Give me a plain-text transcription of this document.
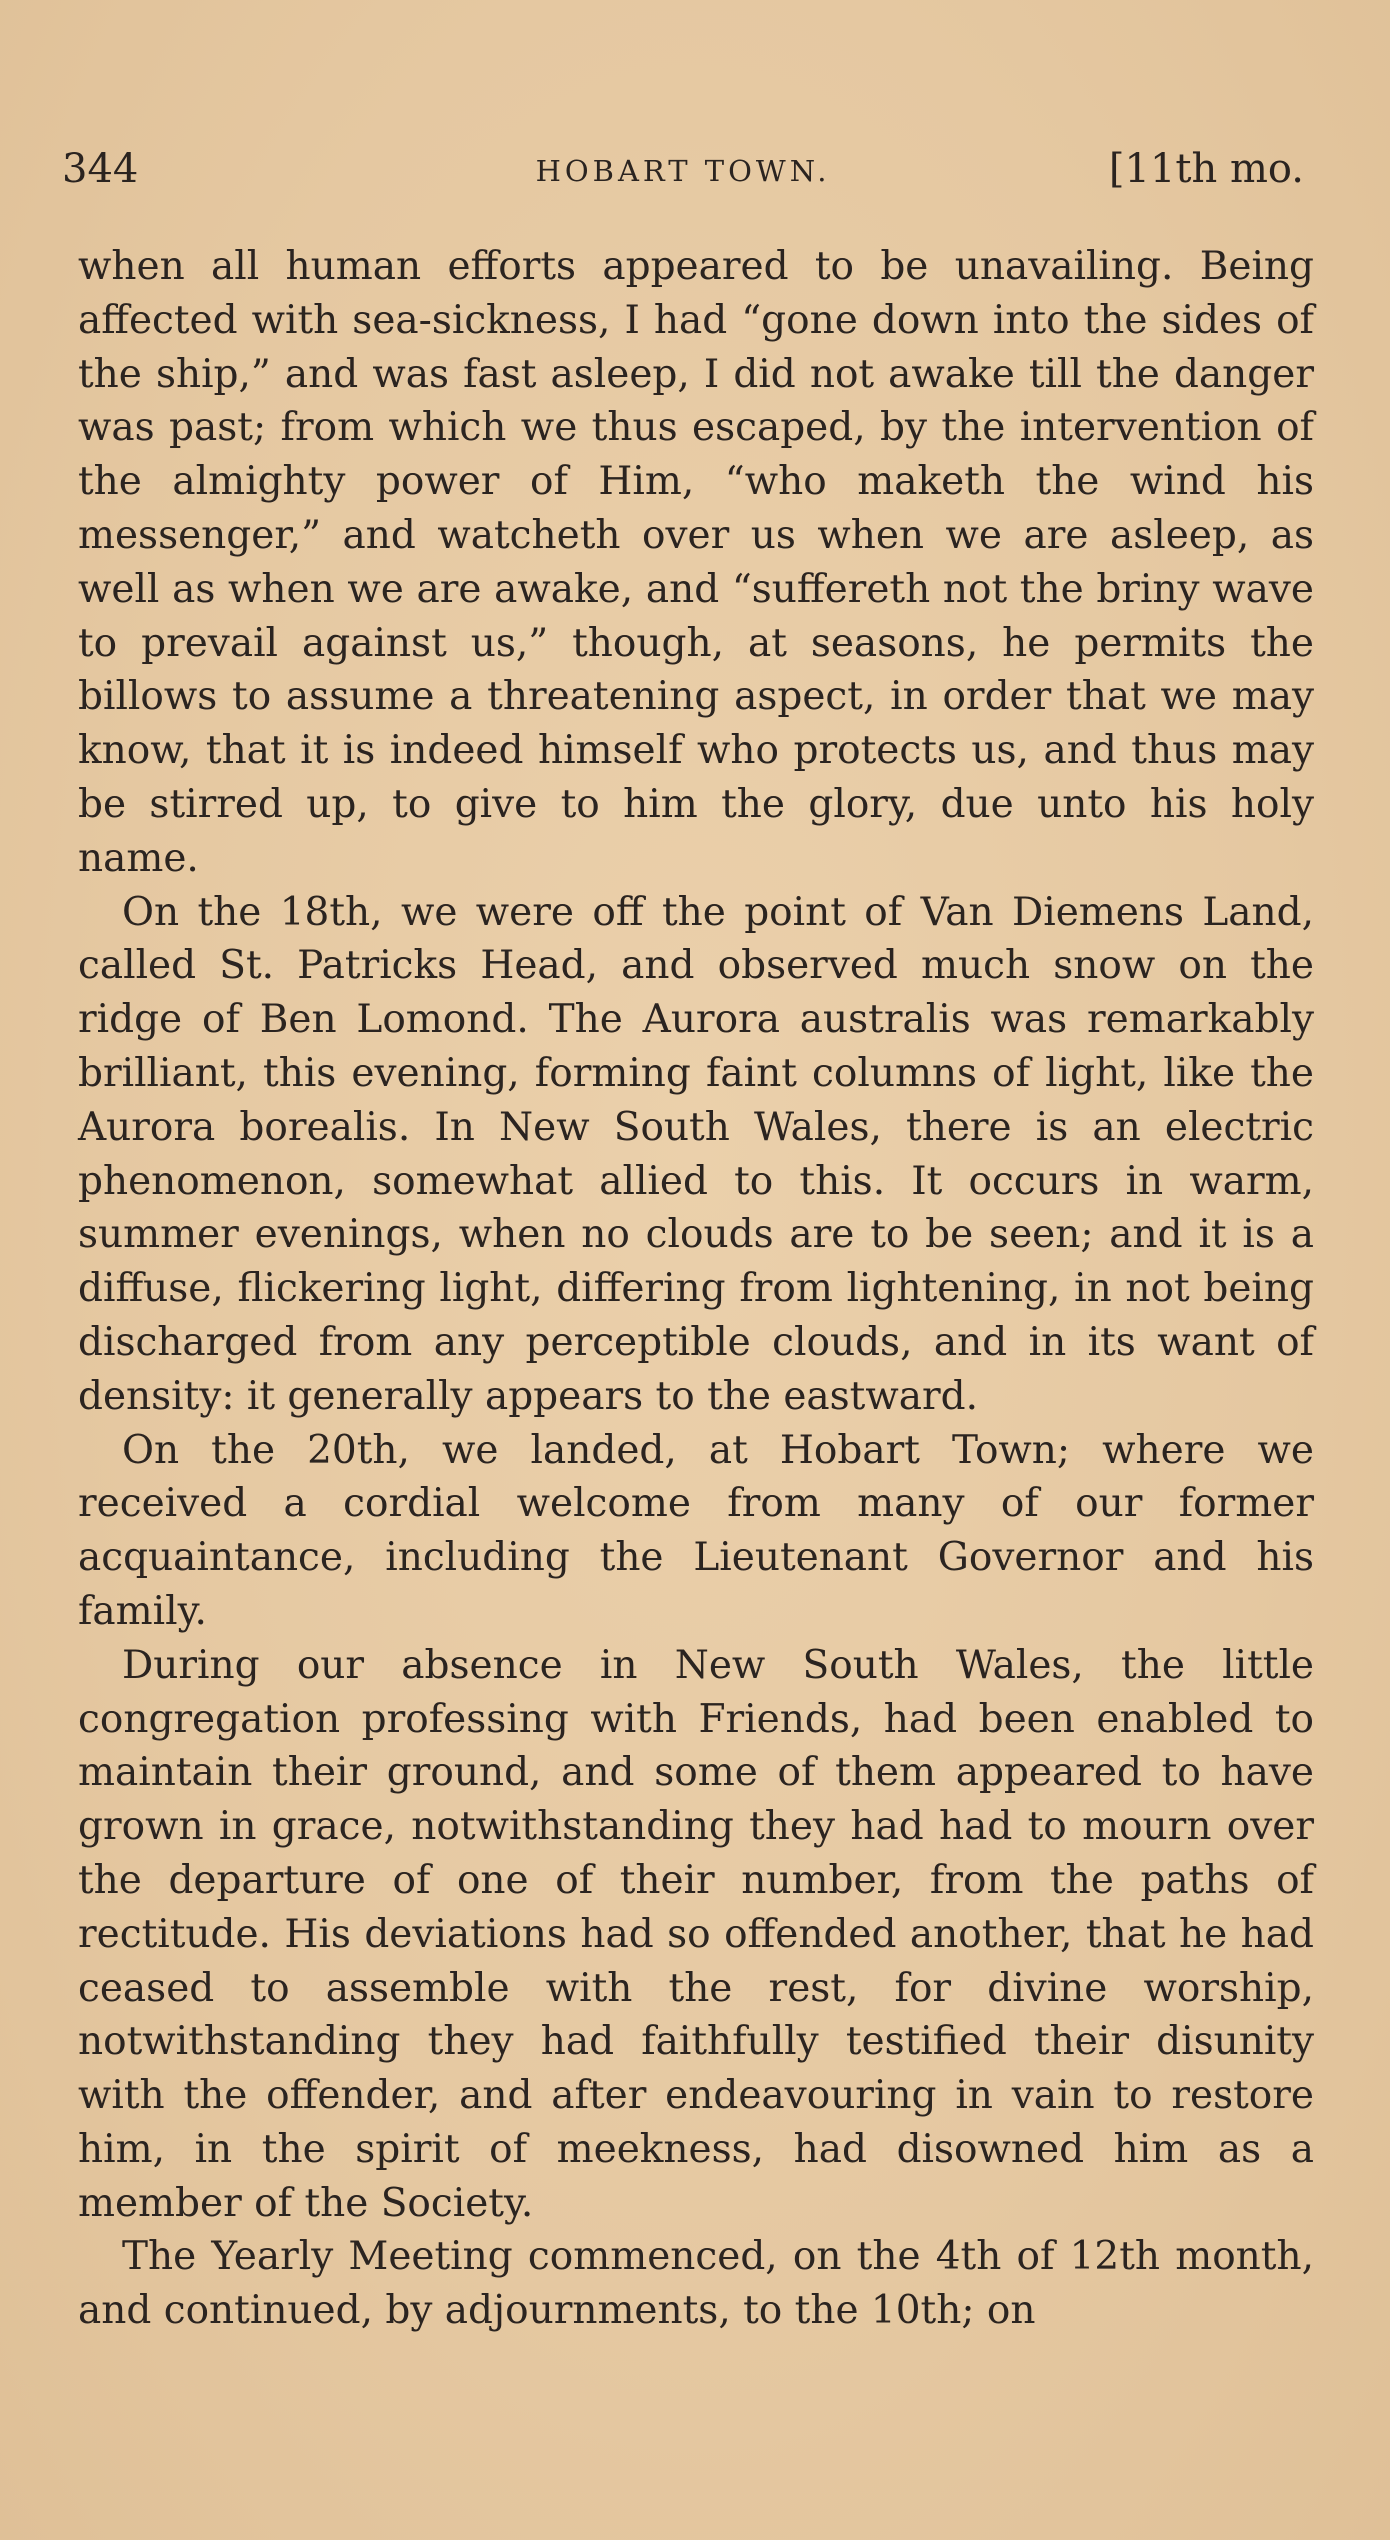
344	HOBART TOWN.	[11th mo.

when all human efforts appeared to be unavailing. Being affected with sea-sickness, I had “gone down into the sides of the ship,” and was fast asleep, I did not awake till the danger was past; from which we thus escaped, by the intervention of the almighty power of Him, “who maketh the wind his messenger,” and watcheth over us when we are asleep, as well as when we are awake, and “suffereth not the briny wave to prevail against us,” though, at seasons, he permits the billows to assume a threatening aspect, in order that we may know, that it is indeed himself who protects us, and thus may be stirred up, to give to him the glory, due unto his holy name.

On the 18th, we were off the point of Van Diemens Land, called St. Patricks Head, and observed much snow on the ridge of Ben Lomond. The Aurora australis was remarkably brilliant, this evening, forming faint columns of light, like the Aurora borealis. In New South Wales, there is an electric phenomenon, somewhat allied to this. It occurs in warm, summer evenings, when no clouds are to be seen; and it is a diffuse, flickering light, differing from lightening, in not being discharged from any perceptible clouds, and in its want of density: it generally appears to the eastward.

On the 20th, we landed, at Hobart Town; where we received a cordial welcome from many of our former acquaintance, including the Lieutenant Governor and his family.

During our absence in New South Wales, the little congregation professing with Friends, had been enabled to maintain their ground, and some of them appeared to have grown in grace, notwithstanding they had had to mourn over the departure of one of their number, from the paths of rectitude. His deviations had so offended another, that he had ceased to assemble with the rest, for divine worship, notwithstanding they had faithfully testified their disunity with the offender, and after endeavouring in vain to restore him, in the spirit of meekness, had disowned him as a member of the Society.

The Yearly Meeting commenced, on the 4th of 12th month, and continued, by adjournments, to the 10th; on
